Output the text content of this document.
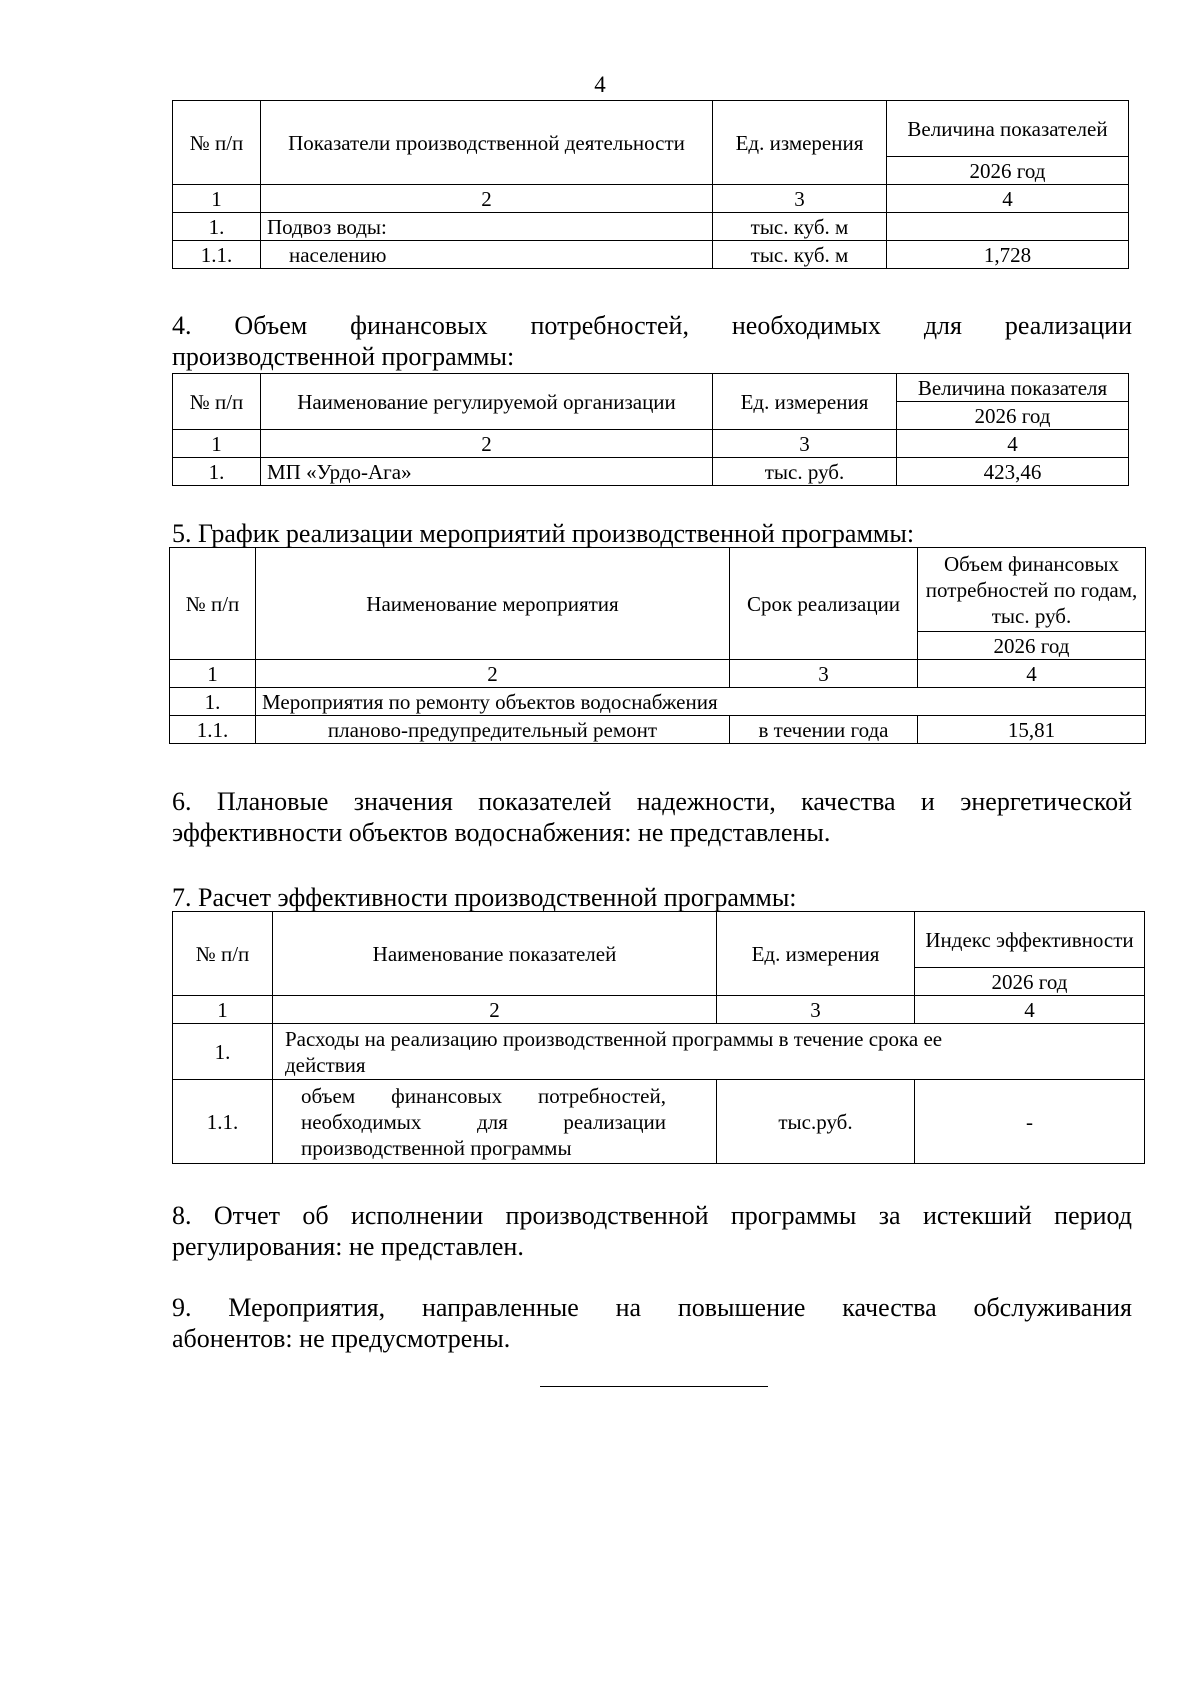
4
№ п/п	Показатели производственной деятельности	Ед. измерения	Величина показателей
			2026 год
1	2	3	4
1.	Подвоз воды:	тыс. куб. м	
1.1.	населению	тыс. куб. м	1,728
4. Объем финансовых потребностей, необходимых для реализации
производственной программы:
№ п/п	Наименование регулируемой организации	Ед. измерения	Величина показателя
			2026 год
1	2	3	4
1.	МП «Урдо-Ага»	тыс. руб.	423,46
5. График реализации мероприятий производственной программы:
№ п/п	Наименование мероприятия	Срок реализации	Объем финансовых потребностей по годам, тыс. руб.
			2026 год
1	2	3	4
1.	Мероприятия по ремонту объектов водоснабжения		
1.1.	планово-предупредительный ремонт	в течении года	15,81
6. Плановые значения показателей надежности, качества и энергетической
эффективности объектов водоснабжения: не представлены.
7. Расчет эффективности производственной программы:
№ п/п	Наименование показателей	Ед. измерения	Индекс эффективности
			2026 год
1	2	3	4
1.	Расходы на реализацию производственной программы в течение срока ее
действия		

1.1.	объем финансовых потребностей,
необходимых для реализации
производственной программы	тыс.руб.	-
8. Отчет об исполнении производственной программы за истекший период
регулирования: не представлен.
9. Мероприятия, направленные на повышение качества обслуживания
абонентов: не предусмотрены.
